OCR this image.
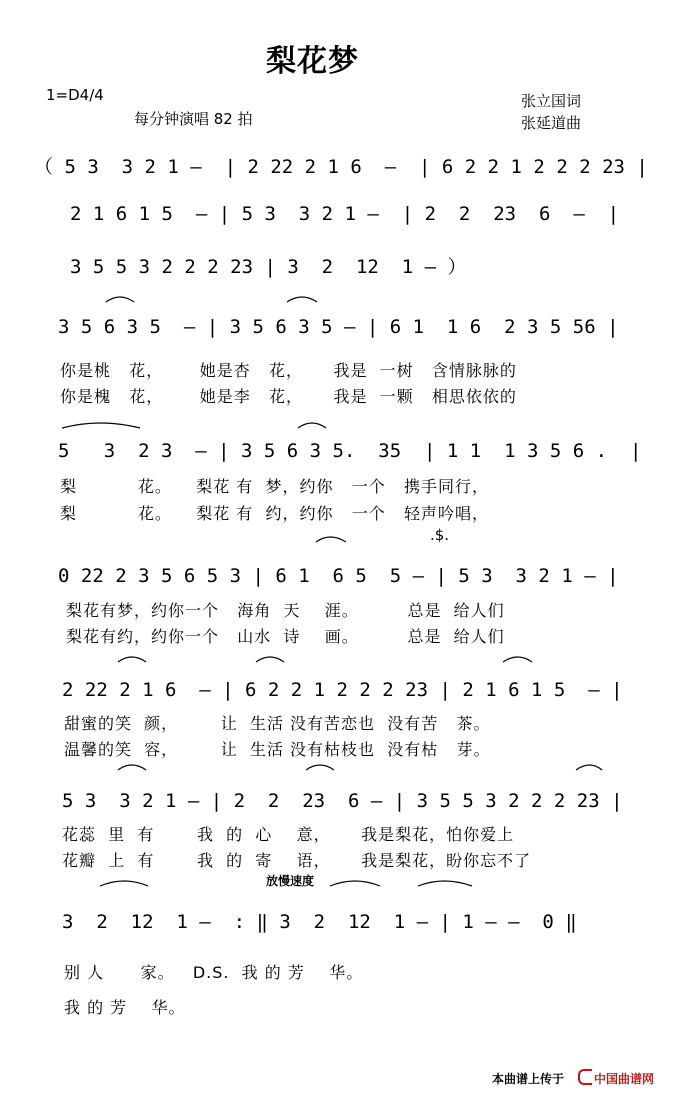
梨花梦
1=D4/4
每分钟演唱 82 拍
张立国词
张延道曲
（ 5 3  3 2 1 —  | 2 22 2 1 6  —  | 6 2 2 1 2 2 2 23 |
2 1 6 1 5  — | 5 3  3 2 1 —  | 2  2  23  6  —  |
3 5 5 3 2 2 2 23 | 3  2  12  1 — ）
3 5 6 3 5  — | 3 5 6 3 5 — | 6 1  1 6  2 3 5 56 |
你是桃   花，      她是杏   花，     我是  一树   含情脉脉的
你是槐   花，      她是李   花，     我是  一颗   相思依依的
5   3  2 3  — | 3 5 6 3 5.  35  | 1 1  1 3 5 6 .  |
梨          花。    梨花 有  梦，约你   一个   携手同行，
梨          花。    梨花 有  约，约你   一个   轻声吟唱，
.$.
0 22 2 3 5 6 5 3 | 6 1  6 5  5 — | 5 3  3 2 1 — |
梨花有梦，约你一个   海角  天    涯。        总是  给人们
梨花有约，约你一个   山水  诗    画。        总是  给人们
2 22 2 1 6  — | 6 2 2 1 2 2 2 23 | 2 1 6 1 5  — |
甜蜜的笑  颜，       让  生活 没有苦恋也  没有苦   茶。
温馨的笑  容，       让  生活 没有枯枝也  没有枯   芽。
5 3  3 2 1 — | 2  2  23  6 — | 3 5 5 3 2 2 2 23 |
花蕊  里  有       我  的  心    意，     我是梨花，怕你爱上
花瓣  上  有       我  的  寄    语，     我是梨花，盼你忘不了
放慢速度
3  2  12  1 —  : ‖ 3  2  12  1 — | 1 — —  0 ‖
别 人      家。   D.S.  我 的 芳    华。
我 的 芳    华。
本曲谱上传于	中国曲谱网
